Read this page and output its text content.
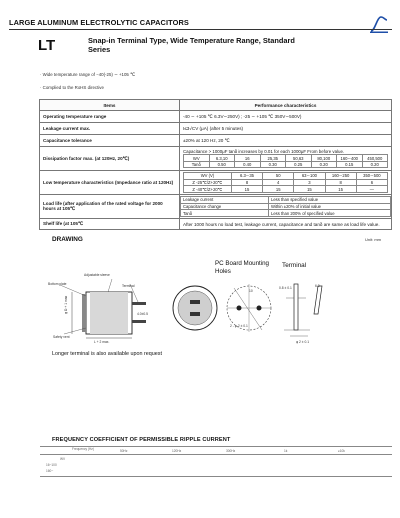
LARGE ALUMINUM ELECTROLYTIC CAPACITORS
LT	Snap-in Terminal Type, Wide Temperature Range, Standard Series
· Wide temperature range of −40(-25) ∼ +105 ℃
· Complied to the RoHS directive
Items	Performance characteristics
Operating temperature range	-40 ∼ +105 ℃ 6.3V∼250V) ; -25 ∼ +105 ℃ 350V∼500V)
Leakage current max.	I≤3√CV (μA) (after 5 minutes)
Capacitance tolerance	±20% at 120 Hz, 20 ℃
Dissipation factor max. (at 120Hz, 20℃)	
Capacitance > 1000μF tanδ increases by 0.01 for each 1000μF From before value.
WV	6.3,10	16	25,35	50,63	80,100	160∼400	450,500
Tanδ	0.50	0.40	0.30	0.25	0.20	0.15	0.20

Low temperature characteristics (Impedance ratio at 120Hz)	
WV (V)	6.3∼35	50	63∼100	160∼250	350∼500
Z -25℃/Z+20℃	8	4	3	8	6
Z -40℃/Z+20℃	15	15	15	15	—

Load life (after application of the rated voltage for 2000 hours at 105℃	
Leakage current	Less than specified value
Capacitance change	Within ±20% of initial value
Tanδ	Less than 200% of specified value

Shelf life (at 105℃	After 1000 hours no load test, leakage current, capacitance and tanδ are same as load life value.
DRAWING	Unit: mm
PC Board Mounting Holes
Terminal
Adjustable sleeve
Bottom plate	Terminal
Safety vent
L + 2 max.
φ D + 1 max	4.0±0.5
10
2 - φ 2 ± 0.1
0.8 ± 0.1	6.3
φ 2 ± 0.1
Longer terminal is also available upon request
FREQUENCY COEFFICIENT OF PERMISSIBLE RIPPLE CURRENT
Frequency (Hz)	50Hz	120Hz	300Hz	1k	≥10k
WV
16~100
160~
